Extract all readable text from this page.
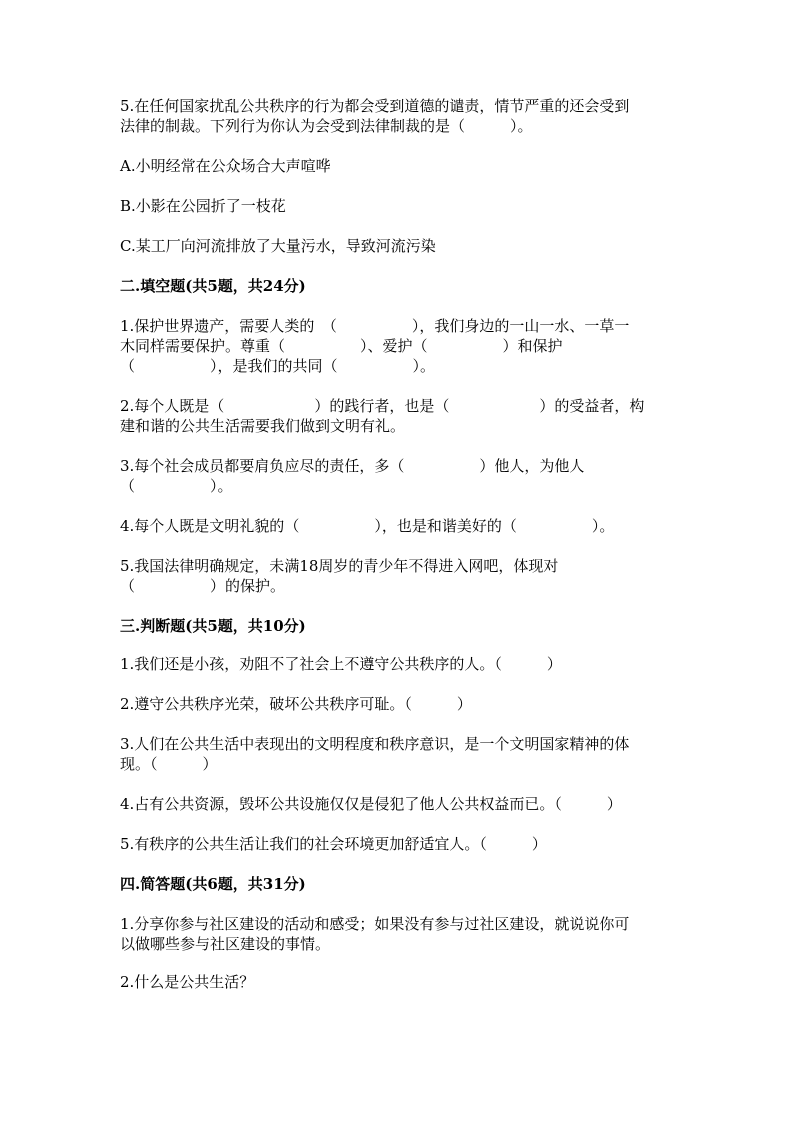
5.在任何国家扰乱公共秩序的行为都会受到道德的谴责，情节严重的还会受到
法律的制裁。下列行为你认为会受到法律制裁的是（　　　）。
A.小明经常在公众场合大声喧哗
B.小影在公园折了一枝花
C.某工厂向河流排放了大量污水，导致河流污染
二.填空题(共5题，共24分)
1.保护世界遗产，需要人类的　（　　　　　），我们身边的一山一水、一草一
木同样需要保护。尊重（　　　　　）、爱护（　　　　　）和保护
（　　　　　），是我们的共同（　　　　　）。
2.每个人既是（　　　　　　）的践行者，也是（　　　　　　）的受益者，构
建和谐的公共生活需要我们做到文明有礼。
3.每个社会成员都要肩负应尽的责任，多（　　　　　）他人，为他人
（　　　　　）。
4.每个人既是文明礼貌的（　　　　　），也是和谐美好的（　　　　　）。
5.我国法律明确规定，未满18周岁的青少年不得进入网吧，体现对
（　　　　　）的保护。
三.判断题(共5题，共10分)
1.我们还是小孩，劝阻不了社会上不遵守公共秩序的人。（　　　）
2.遵守公共秩序光荣，破坏公共秩序可耻。（　　　）
3.人们在公共生活中表现出的文明程度和秩序意识，是一个文明国家精神的体
现。（　　　）
4.占有公共资源，毁坏公共设施仅仅是侵犯了他人公共权益而已。（　　　）
5.有秩序的公共生活让我们的社会环境更加舒适宜人。（　　　）
四.简答题(共6题，共31分)
1.分享你参与社区建设的活动和感受；如果没有参与过社区建设，就说说你可
以做哪些参与社区建设的事情。
2.什么是公共生活？
